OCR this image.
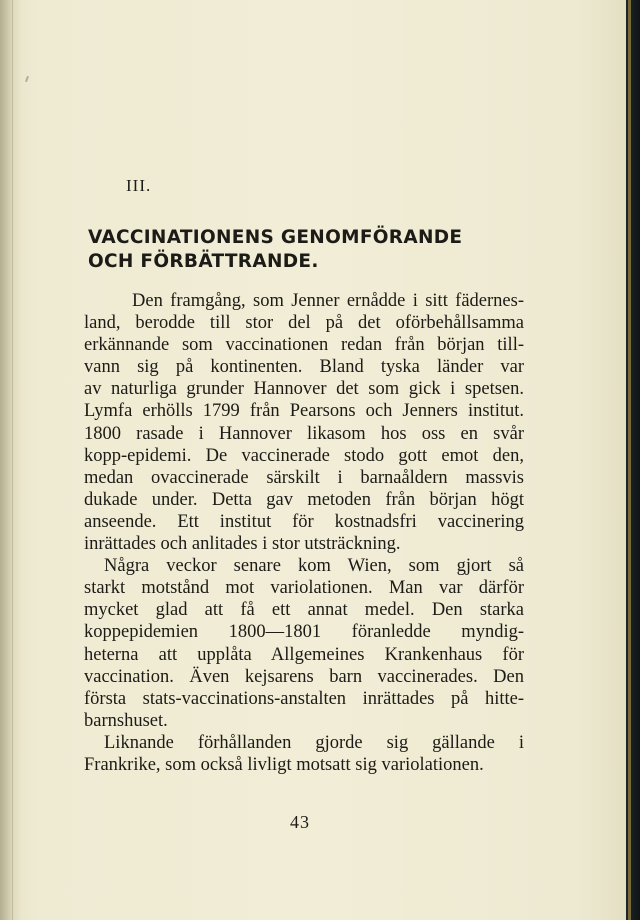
III.
VACCINATIONENS GENOMFÖRANDE
OCH FÖRBÄTTRANDE.
Den framgång, som Jenner ernådde i sitt fädernes-
land, berodde till stor del på det oförbehållsamma
erkännande som vaccinationen redan från början till-
vann sig på kontinenten. Bland tyska länder var
av naturliga grunder Hannover det som gick i spetsen.
Lymfa erhölls 1799 från Pearsons och Jenners institut.
1800 rasade i Hannover likasom hos oss en svår
kopp-epidemi. De vaccinerade stodo gott emot den,
medan ovaccinerade särskilt i barnaåldern massvis
dukade under. Detta gav metoden från början högt
anseende. Ett institut för kostnadsfri vaccinering
inrättades och anlitades i stor utsträckning.
Några veckor senare kom Wien, som gjort så
starkt motstånd mot variolationen. Man var därför
mycket glad att få ett annat medel. Den starka
koppepidemien 1800—1801 föranledde myndig-
heterna att upplåta Allgemeines Krankenhaus för
vaccination. Även kejsarens barn vaccinerades. Den
första stats-vaccinations-anstalten inrättades på hitte-
barnshuset.
Liknande förhållanden gjorde sig gällande i
Frankrike, som också livligt motsatt sig variolationen.
43
